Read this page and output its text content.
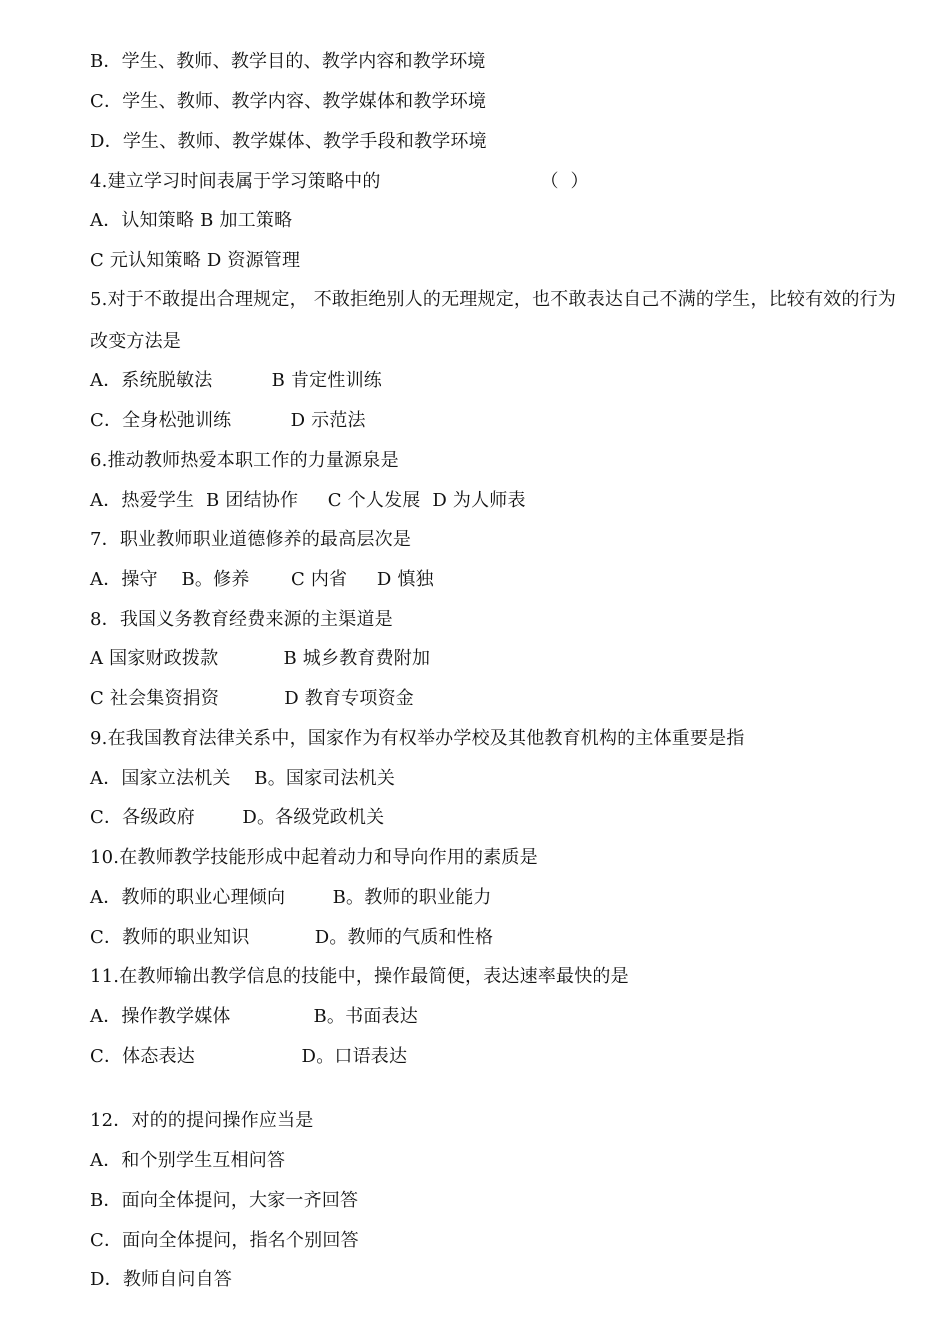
B．学生、教师、教学目的、教学内容和教学环境
C．学生、教师、教学内容、教学媒体和教学环境
D．学生、教师、教学媒体、教学手段和教学环境
4.建立学习时间表属于学习策略中的                           （  ）
A．认知策略 B 加工策略
C 元认知策略 D 资源管理
5.对于不敢提出合理规定， 不敢拒绝别人的无理规定，也不敢表达自己不满的学生，比较有效的行为改变方法是
A．系统脱敏法          B 肯定性训练
C．全身松弛训练          D 示范法
6.推动教师热爱本职工作的力量源泉是
A．热爱学生  B 团结协作     C 个人发展  D 为人师表
7．职业教师职业道德修养的最高层次是
A．操守    B。修养       C 内省     D 慎独
8．我国义务教育经费来源的主渠道是
A 国家财政拨款           B 城乡教育费附加
C 社会集资捐资           D 教育专项资金
9.在我国教育法律关系中，国家作为有权举办学校及其他教育机构的主体重要是指
A．国家立法机关    B。国家司法机关
C．各级政府        D。各级党政机关
10.在教师教学技能形成中起着动力和导向作用的素质是
A．教师的职业心理倾向        B。教师的职业能力
C．教师的职业知识           D。教师的气质和性格
11.在教师输出教学信息的技能中，操作最简便，表达速率最快的是
A．操作教学媒体              B。书面表达
C．体态表达                  D。口语表达
12．对的的提问操作应当是
A．和个别学生互相问答
B．面向全体提问，大家一齐回答
C．面向全体提问，指名个别回答
D．教师自问自答
